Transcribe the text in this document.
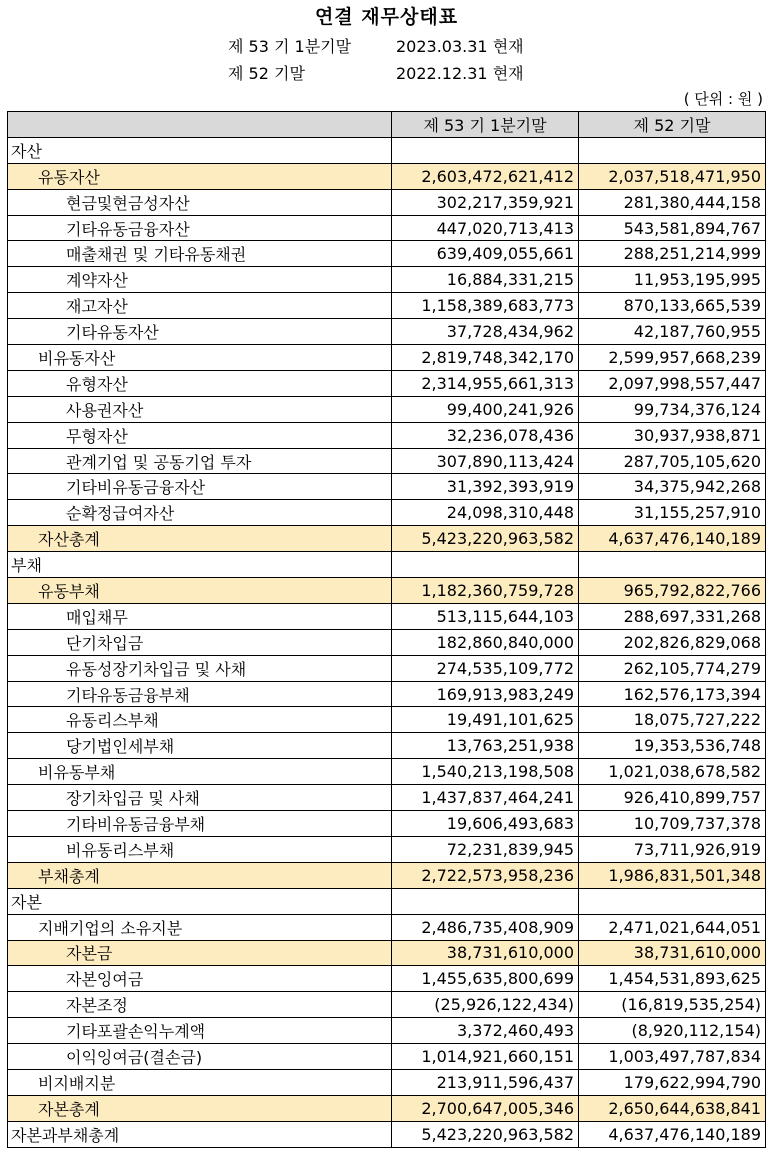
연결 재무상태표
제 53 기 1분기말	2023.03.31 현재
제 52 기말	2022.12.31 현재
( 단위 : 원 )
	제 53 기 1분기말	제 52 기말
자산		
유동자산	2,603,472,621,412	2,037,518,471,950
현금및현금성자산	302,217,359,921	281,380,444,158
기타유동금융자산	447,020,713,413	543,581,894,767
매출채권 및 기타유동채권	639,409,055,661	288,251,214,999
계약자산	16,884,331,215	11,953,195,995
재고자산	1,158,389,683,773	870,133,665,539
기타유동자산	37,728,434,962	42,187,760,955
비유동자산	2,819,748,342,170	2,599,957,668,239
유형자산	2,314,955,661,313	2,097,998,557,447
사용권자산	99,400,241,926	99,734,376,124
무형자산	32,236,078,436	30,937,938,871
관계기업 및 공동기업 투자	307,890,113,424	287,705,105,620
기타비유동금융자산	31,392,393,919	34,375,942,268
순확정급여자산	24,098,310,448	31,155,257,910
자산총계	5,423,220,963,582	4,637,476,140,189
부채		
유동부채	1,182,360,759,728	965,792,822,766
매입채무	513,115,644,103	288,697,331,268
단기차입금	182,860,840,000	202,826,829,068
유동성장기차입금 및 사채	274,535,109,772	262,105,774,279
기타유동금융부채	169,913,983,249	162,576,173,394
유동리스부채	19,491,101,625	18,075,727,222
당기법인세부채	13,763,251,938	19,353,536,748
비유동부채	1,540,213,198,508	1,021,038,678,582
장기차입금 및 사채	1,437,837,464,241	926,410,899,757
기타비유동금융부채	19,606,493,683	10,709,737,378
비유동리스부채	72,231,839,945	73,711,926,919
부채총계	2,722,573,958,236	1,986,831,501,348
자본		
지배기업의 소유지분	2,486,735,408,909	2,471,021,644,051
자본금	38,731,610,000	38,731,610,000
자본잉여금	1,455,635,800,699	1,454,531,893,625
자본조정	(25,926,122,434)	(16,819,535,254)
기타포괄손익누계액	3,372,460,493	(8,920,112,154)
이익잉여금(결손금)	1,014,921,660,151	1,003,497,787,834
비지배지분	213,911,596,437	179,622,994,790
자본총계	2,700,647,005,346	2,650,644,638,841
자본과부채총계	5,423,220,963,582	4,637,476,140,189
